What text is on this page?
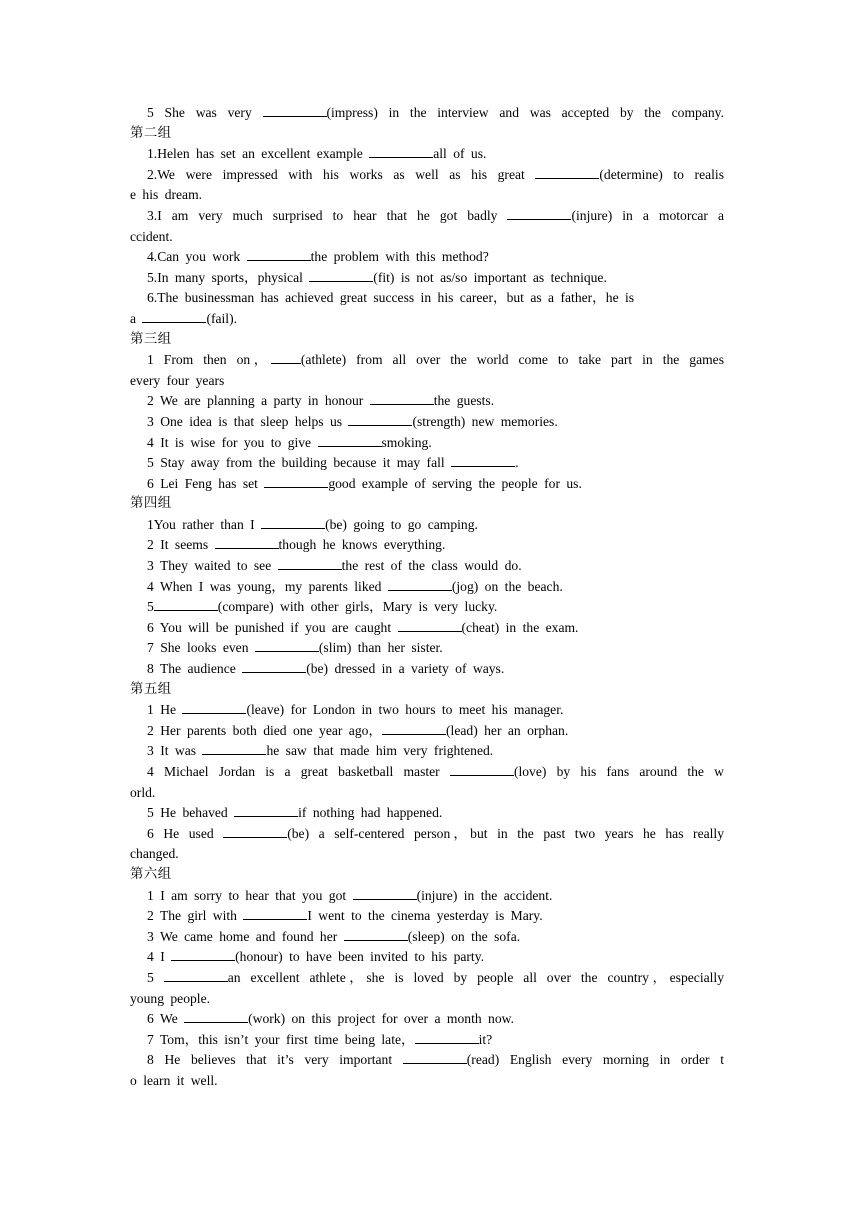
5 She was very	(impress) in the interview and was accepted by the company.
第二组
1.Helen has set an excellent example	all of us.
2.We were impressed with his works as well as his great	(determine) to realis
e his dream.
3.I am very much surprised to hear that he got badly	(injure) in a motorcar a
ccident.
4.Can you work	the problem with this method?
5.In many sports，physical	(fit) is not as/so important as technique.
6.The businessman has achieved great success in his career，but as a father，he is
a	(fail).
第三组
1 From then on， (athlete) from all over the world come to take part in the games
every four years
2 We are planning a party in honour	the guests.
3 One idea is that sleep helps us	(strength) new memories.
4 It is wise for you to give	smoking.
5 Stay away from the building because it may fall	.
6 Lei Feng has set	good example of serving the people for us.
第四组
1You rather than I	(be) going to go camping.
2 It seems	though he knows everything.
3 They waited to see	the rest of the class would do.
4 When I was young，my parents liked	(jog) on the beach.
5	(compare) with other girls，Mary is very lucky.
6 You will be punished if you are caught	(cheat) in the exam.
7 She looks even	(slim) than her sister.
8 The audience	(be) dressed in a variety of ways.
第五组
1 He	(leave) for London in two hours to meet his manager.
2 Her parents both died one year ago，	(lead) her an orphan.
3 It was	he saw that made him very frightened.
4 Michael Jordan is a great basketball master	(love) by his fans around the w
orld.
5 He behaved	if nothing had happened.
6 He used	(be) a self-centered person，but in the past two years he has really
changed.
第六组
1 I am sorry to hear that you got	(injure) in the accident.
2 The girl with	I went to the cinema yesterday is Mary.
3 We came home and found her	(sleep) on the sofa.
4 I	(honour) to have been invited to his party.
5	an excellent athlete，she is loved by people all over the country，especially
young people.
6 We	(work) on this project for over a month now.
7 Tom，this isn’t your first time being late，	it?
8 He believes that it’s very important	(read) English every morning in order t
o learn it well.
